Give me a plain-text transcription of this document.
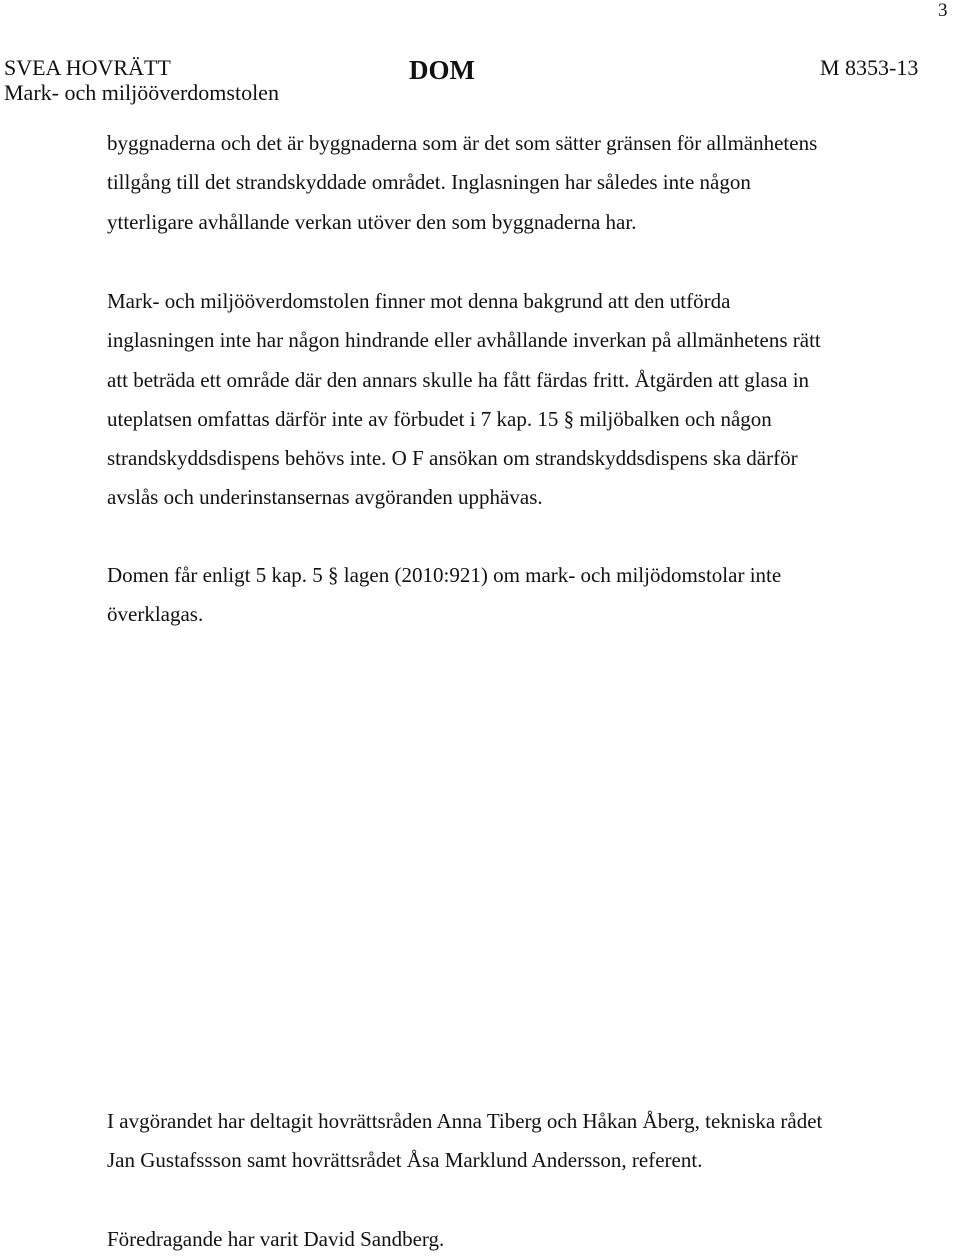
3
SVEA HOVRÄTT
Mark- och miljööverdomstolen
DOM	M 8353-13

byggnaderna och det är byggnaderna som är det som sätter gränsen för allmänhetens
tillgång till det strandskyddade området. Inglasningen har således inte någon
ytterligare avhållande verkan utöver den som byggnaderna har.

Mark- och miljööverdomstolen finner mot denna bakgrund att den utförda
inglasningen inte har någon hindrande eller avhållande inverkan på allmänhetens rätt
att beträda ett område där den annars skulle ha fått färdas fritt. Åtgärden att glasa in
uteplatsen omfattas därför inte av förbudet i 7 kap. 15 § miljöbalken och någon
strandskyddsdispens behövs inte. O F ansökan om strandskyddsdispens ska därför
avslås och underinstansernas avgöranden upphävas.

Domen får enligt 5 kap. 5 § lagen (2010:921) om mark- och miljödomstolar inte
överklagas.

I avgörandet har deltagit hovrättsråden Anna Tiberg och Håkan Åberg, tekniska rådet
Jan Gustafssson samt hovrättsrådet Åsa Marklund Andersson, referent.

Föredragande har varit David Sandberg.
